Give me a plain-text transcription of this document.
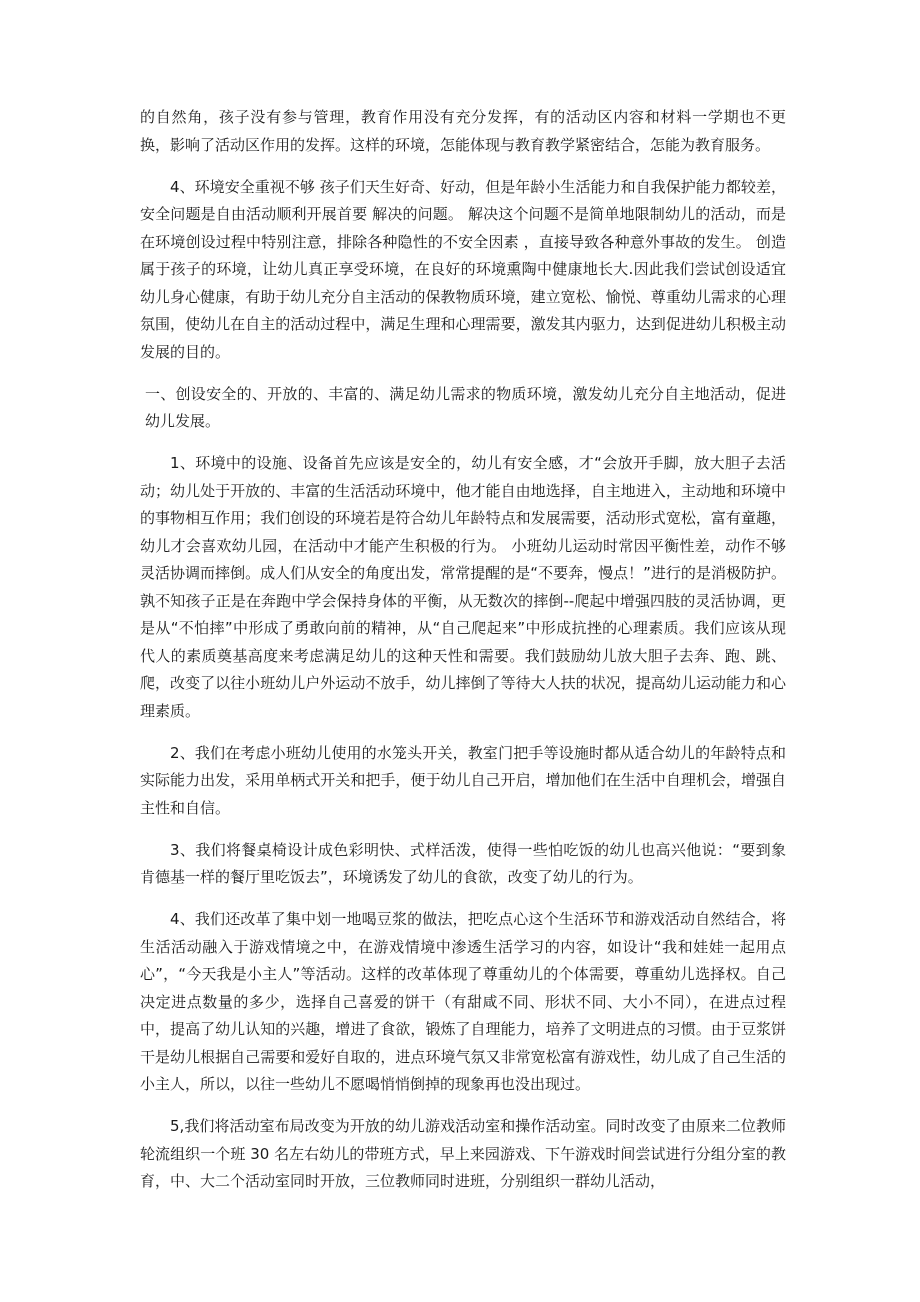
的自然角，孩子没有参与管理，教育作用没有充分发挥，有的活动区内容和材料一学期也不更 换，影响了活动区作用的发挥。这样的环境，怎能体现与教育教学紧密结合，怎能为教育服务。

4、环境安全重视不够 孩子们天生好奇、好动，但是年龄小生活能力和自我保护能力都较差，安全问题是自由活动顺利开展首要 解决的问题。 解决这个问题不是简单地限制幼儿的活动，而是在环境创设过程中特别注意，排除各种隐性的不安全因素 ，直接导致各种意外事故的发生。 创造属于孩子的环境，让幼儿真正享受环境，在良好的环境熏陶中健康地长大.因此我们尝试创设适宜幼儿身心健康，有助于幼儿充分自主活动的保教物质环境，建立宽松、愉悦、尊重幼儿需求的心理氛围，使幼儿在自主的活动过程中，满足生理和心理需要，激发其内驱力，达到促进幼儿积极主动发展的目的。

一、创设安全的、开放的、丰富的、满足幼儿需求的物质环境，激发幼儿充分自主地活动，促进幼儿发展。

1、环境中的设施、设备首先应该是安全的，幼儿有安全感，才“会放开手脚，放大胆子去活动；幼儿处于开放的、丰富的生活活动环境中，他才能自由地选择，自主地进入，主动地和环境中的事物相互作用；我们创设的环境若是符合幼儿年龄特点和发展需要，活动形式宽松，富有童趣，幼儿才会喜欢幼儿园，在活动中才能产生积极的行为。 小班幼儿运动时常因平衡性差，动作不够灵活协调而摔倒。成人们从安全的角度出发，常常提醒的是“不要奔，慢点！”进行的是消极防护。孰不知孩子正是在奔跑中学会保持身体的平衡，从无数次的摔倒--爬起中增强四肢的灵活协调，更是从“不怕摔”中形成了勇敢向前的精神，从“自己爬起来”中形成抗挫的心理素质。我们应该从现代人的素质奠基高度来考虑满足幼儿的这种天性和需要。我们鼓励幼儿放大胆子去奔、跑、跳、爬，改变了以往小班幼儿户外运动不放手，幼儿摔倒了等待大人扶的状况，提高幼儿运动能力和心理素质。

2、我们在考虑小班幼儿使用的水笼头开关，教室门把手等设施时都从适合幼儿的年龄特点和实际能力出发，采用单柄式开关和把手，便于幼儿自己开启，增加他们在生活中自理机会，增强自主性和自信。

3、我们将餐桌椅设计成色彩明快、式样活泼，使得一些怕吃饭的幼儿也高兴他说：“要到象肯德基一样的餐厅里吃饭去”，环境诱发了幼儿的食欲，改变了幼儿的行为。

4、我们还改革了集中划一地喝豆浆的做法，把吃点心这个生活环节和游戏活动自然结合，将生活活动融入于游戏情境之中，在游戏情境中渗透生活学习的内容，如设计“我和娃娃一起用点心”，“今天我是小主人”等活动。这样的改革体现了尊重幼儿的个体需要，尊重幼儿选择权。自己决定进点数量的多少，选择自己喜爱的饼干（有甜咸不同、形状不同、大小不同），在进点过程中，提高了幼儿认知的兴趣，增进了食欲，锻炼了自理能力，培养了文明进点的习惯。由于豆浆饼干是幼儿根据自己需要和爱好自取的，进点环境气氛又非常宽松富有游戏性，幼儿成了自己生活的小主人，所以，以往一些幼儿不愿喝悄悄倒掉的现象再也没出现过。

5,我们将活动室布局改变为开放的幼儿游戏活动室和操作活动室。同时改变了由原来二位教师轮流组织一个班 30 名左右幼儿的带班方式，早上来园游戏、下午游戏时间尝试进行分组分室的教育，中、大二个活动室同时开放，三位教师同时进班，分别组织一群幼儿活动，
